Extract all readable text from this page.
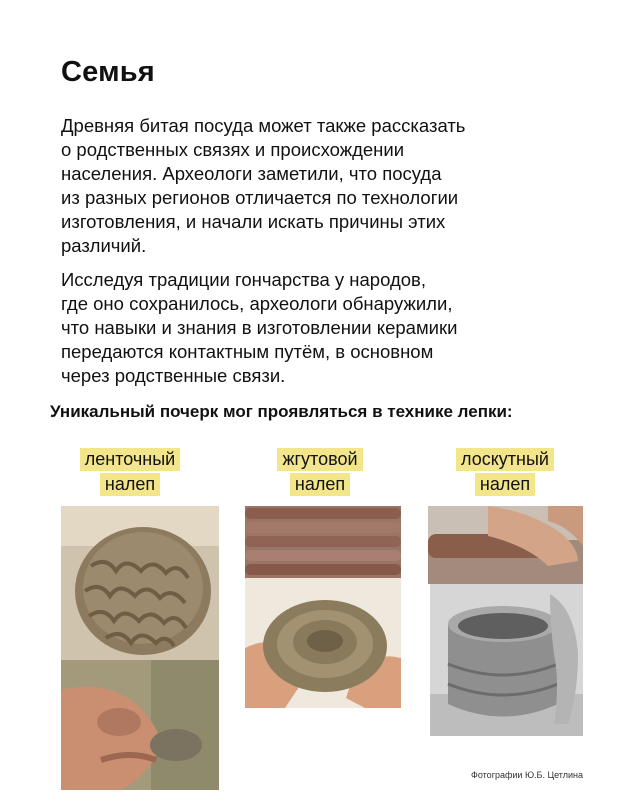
Семья
Древняя битая посуда может также рассказать
о родственных связях и происхождении
населения. Археологи заметили, что посуда
из разных регионов отличается по технологии
изготовления, и начали искать причины этих
различий.
Исследуя традиции гончарства у народов,
где оно сохранилось, археологи обнаружили,
что навыки и знания в изготовлении керамики
передаются контактным путём, в основном
через родственные связи.
Уникальный почерк мог проявляться в технике лепки:
ленточный
налеп
жгутовой
налеп
лоскутный
налеп
Фотографии Ю.Б. Цетлина
